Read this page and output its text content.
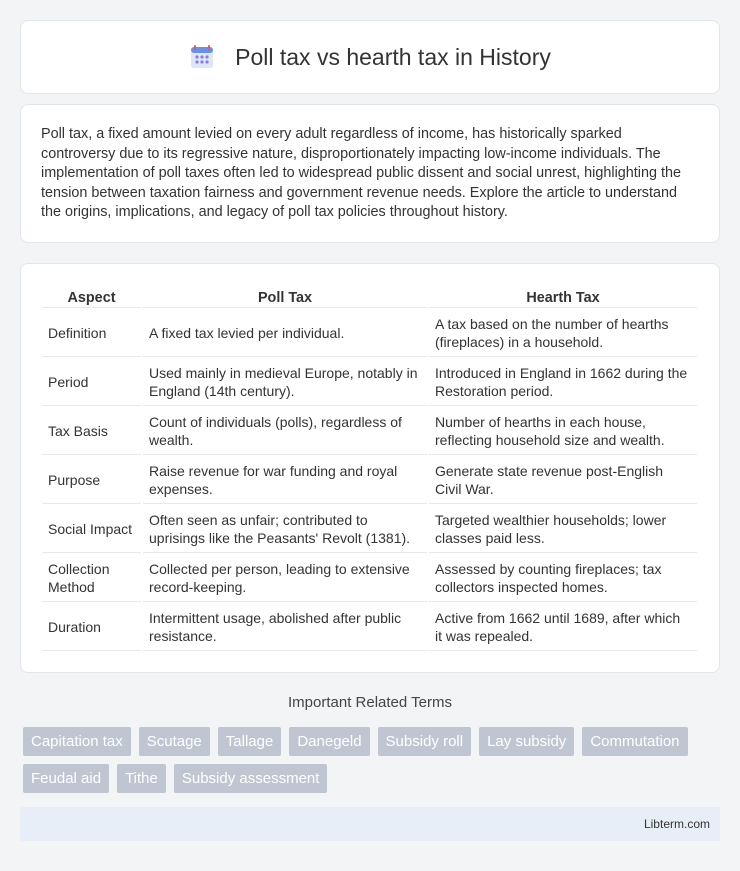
Poll tax vs hearth tax in History

Poll tax, a fixed amount levied on every adult regardless of income, has historically sparked controversy due to its regressive nature, disproportionately impacting low-income individuals. The implementation of poll taxes often led to widespread public dissent and social unrest, highlighting the tension between taxation fairness and government revenue needs. Explore the article to understand the origins, implications, and legacy of poll tax policies throughout history.

Aspect	Poll Tax	Hearth Tax
Definition	A fixed tax levied per individual.	A tax based on the number of hearths (fireplaces) in a household.
Period	Used mainly in medieval Europe, notably in England (14th century).	Introduced in England in 1662 during the Restoration period.
Tax Basis	Count of individuals (polls), regardless of wealth.	Number of hearths in each house, reflecting household size and wealth.
Purpose	Raise revenue for war funding and royal expenses.	Generate state revenue post-English Civil War.
Social Impact	Often seen as unfair; contributed to uprisings like the Peasants' Revolt (1381).	Targeted wealthier households; lower classes paid less.
Collection Method	Collected per person, leading to extensive record-keeping.	Assessed by counting fireplaces; tax collectors inspected homes.
Duration	Intermittent usage, abolished after public resistance.	Active from 1662 until 1689, after which it was repealed.
Important Related Terms
Capitation tax	Scutage	Tallage	Danegeld	Subsidy roll	Lay subsidy	Commutation
Feudal aid	Tithe	Subsidy assessment
Libterm.com
